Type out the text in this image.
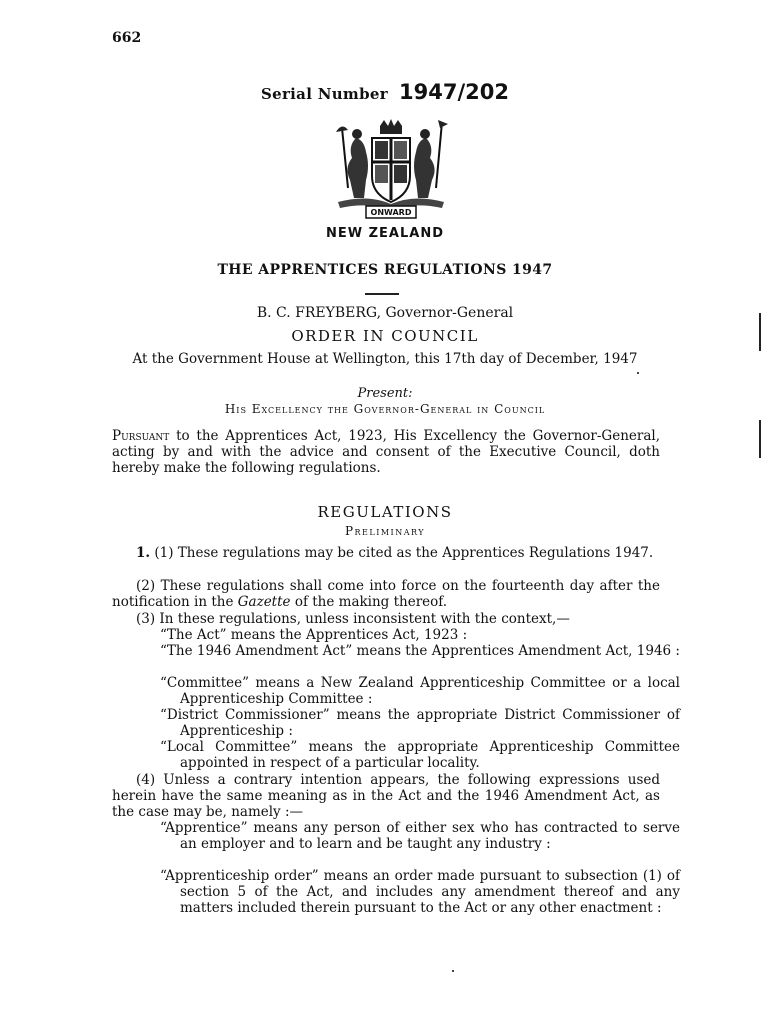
662
Serial Number 1947/202
ONWARD
NEW ZEALAND
THE APPRENTICES REGULATIONS 1947
B. C. FREYBERG, Governor-General
ORDER IN COUNCIL
At the Government House at Wellington, this 17th day of December, 1947
Present:
His Excellency the Governor-General in Council
Pursuant to the Apprentices Act, 1923, His Excellency the Governor-General, acting by and with the advice and consent of the Executive Council, doth hereby make the following regulations.
REGULATIONS
Preliminary
1. (1) These regulations may be cited as the Apprentices Regulations 1947.
(2) These regulations shall come into force on the fourteenth day after the notification in the Gazette of the making thereof.
(3) In these regulations, unless inconsistent with the context,—
“The Act” means the Apprentices Act, 1923 :
“The 1946 Amendment Act” means the Apprentices Amendment Act, 1946 :
“Committee” means a New Zealand Apprenticeship Committee or a local Apprenticeship Committee :
“District Commissioner” means the appropriate District Commissioner of Apprenticeship :
“Local Committee” means the appropriate Apprenticeship Committee appointed in respect of a particular locality.
(4) Unless a contrary intention appears, the following expressions used herein have the same meaning as in the Act and the 1946 Amendment Act, as the case may be, namely :—
“Apprentice” means any person of either sex who has contracted to serve an employer and to learn and be taught any industry :
“Apprenticeship order” means an order made pursuant to subsection (1) of section 5 of the Act, and includes any amendment thereof and any matters included therein pursuant to the Act or any other enactment :
